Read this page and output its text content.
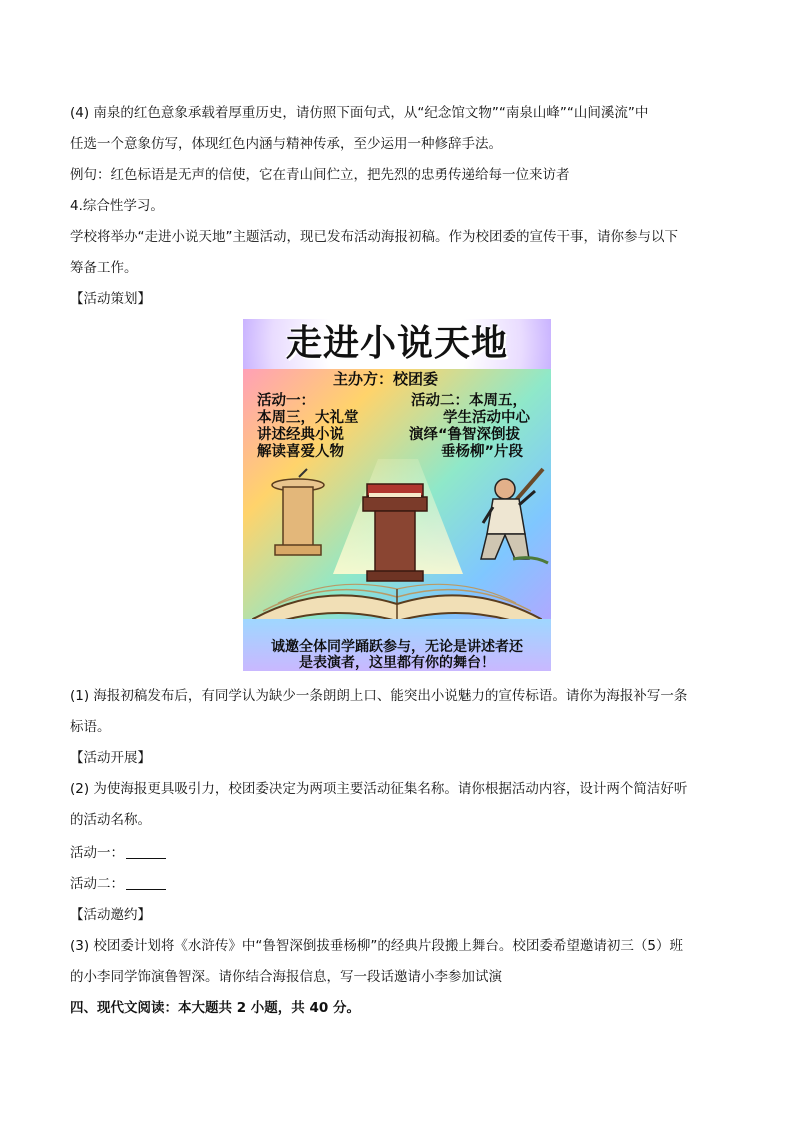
(4) 南泉的红色意象承载着厚重历史，请仿照下面句式，从“纪念馆文物”“南泉山峰”“山间溪流”中
任选一个意象仿写，体现红色内涵与精神传承，至少运用一种修辞手法。
例句：红色标语是无声的信使，它在青山间伫立，把先烈的忠勇传递给每一位来访者
4.综合性学习。
学校将举办“走进小说天地”主题活动，现已发布活动海报初稿。作为校团委的宣传干事，请你参与以下
筹备工作。
【活动策划】
走进小说天地
主办方：校团委
活动一：
本周三，大礼堂
讲述经典小说
解读喜爱人物
活动二：本周五，
学生活动中心
演绎“鲁智深倒拔
垂杨柳”片段
诚邀全体同学踊跃参与，无论是讲述者还
是表演者，这里都有你的舞台！
(1) 海报初稿发布后，有同学认为缺少一条朗朗上口、能突出小说魅力的宣传标语。请你为海报补写一条
标语。
【活动开展】
(2) 为使海报更具吸引力，校团委决定为两项主要活动征集名称。请你根据活动内容，设计两个简洁好听
的活动名称。
活动一：
活动二：
【活动邀约】
(3) 校团委计划将《水浒传》中“鲁智深倒拔垂杨柳”的经典片段搬上舞台。校团委希望邀请初三（5）班
的小李同学饰演鲁智深。请你结合海报信息，写一段话邀请小李参加试演
四、现代文阅读：本大题共 2 小题，共 40 分。
